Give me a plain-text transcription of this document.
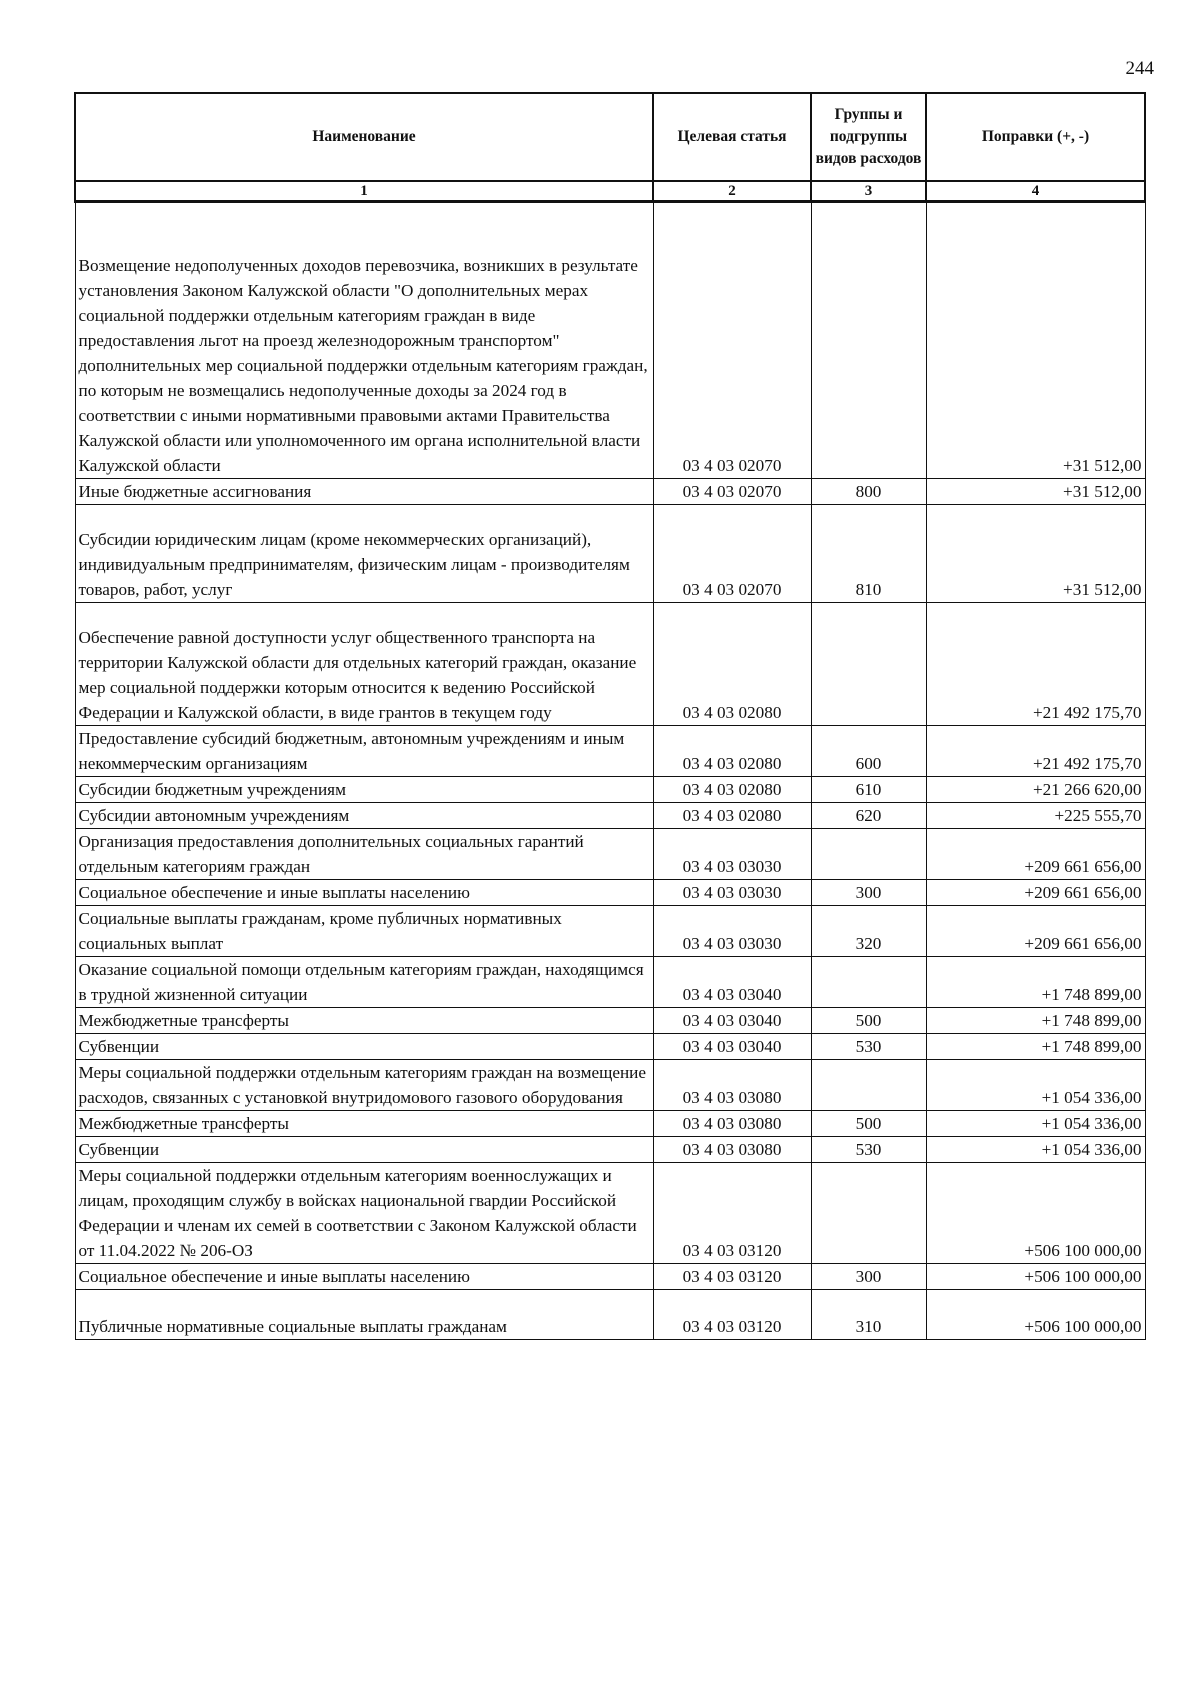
244
Наименование	Целевая статья	Группы и подгруппы видов расходов	Поправки (+, -)
1	2	3	4
Возмещение недополученных доходов перевозчика, возникших в результате установления Законом Калужской области "О дополнительных мерах социальной поддержки отдельным категориям граждан в виде предоставления льгот на проезд железнодорожным транспортом" дополнительных мер социальной поддержки отдельным категориям граждан, по которым не возмещались недополученные доходы за 2024 год в соответствии с иными нормативными правовыми актами Правительства Калужской области или уполномоченного им органа исполнительной власти Калужской области	03 4 03 02070		+31 512,00
Иные бюджетные ассигнования	03 4 03 02070	800	+31 512,00
Субсидии юридическим лицам (кроме некоммерческих организаций), индивидуальным предпринимателям, физическим лицам - производителям товаров, работ, услуг	03 4 03 02070	810	+31 512,00
Обеспечение равной доступности услуг общественного транспорта на территории Калужской области для отдельных категорий граждан, оказание мер социальной поддержки которым относится к ведению Российской Федерации и Калужской области, в виде грантов в текущем году	03 4 03 02080		+21 492 175,70
Предоставление субсидий бюджетным, автономным учреждениям и иным некоммерческим организациям	03 4 03 02080	600	+21 492 175,70
Субсидии бюджетным учреждениям	03 4 03 02080	610	+21 266 620,00
Субсидии автономным учреждениям	03 4 03 02080	620	+225 555,70
Организация предоставления дополнительных социальных гарантий отдельным категориям граждан	03 4 03 03030		+209 661 656,00
Социальное обеспечение и иные выплаты населению	03 4 03 03030	300	+209 661 656,00
Социальные выплаты гражданам, кроме публичных нормативных социальных выплат	03 4 03 03030	320	+209 661 656,00
Оказание социальной помощи отдельным категориям граждан, находящимся в трудной жизненной ситуации	03 4 03 03040		+1 748 899,00
Межбюджетные трансферты	03 4 03 03040	500	+1 748 899,00
Субвенции	03 4 03 03040	530	+1 748 899,00
Меры социальной поддержки отдельным категориям граждан на возмещение расходов, связанных с установкой внутридомового газового оборудования	03 4 03 03080		+1 054 336,00
Межбюджетные трансферты	03 4 03 03080	500	+1 054 336,00
Субвенции	03 4 03 03080	530	+1 054 336,00
Меры социальной поддержки отдельным категориям военнослужащих и лицам, проходящим службу в войсках национальной гвардии Российской Федерации и членам их семей в соответствии с Законом Калужской области от 11.04.2022 № 206-ОЗ	03 4 03 03120		+506 100 000,00
Социальное обеспечение и иные выплаты населению	03 4 03 03120	300	+506 100 000,00
Публичные нормативные социальные выплаты гражданам	03 4 03 03120	310	+506 100 000,00
